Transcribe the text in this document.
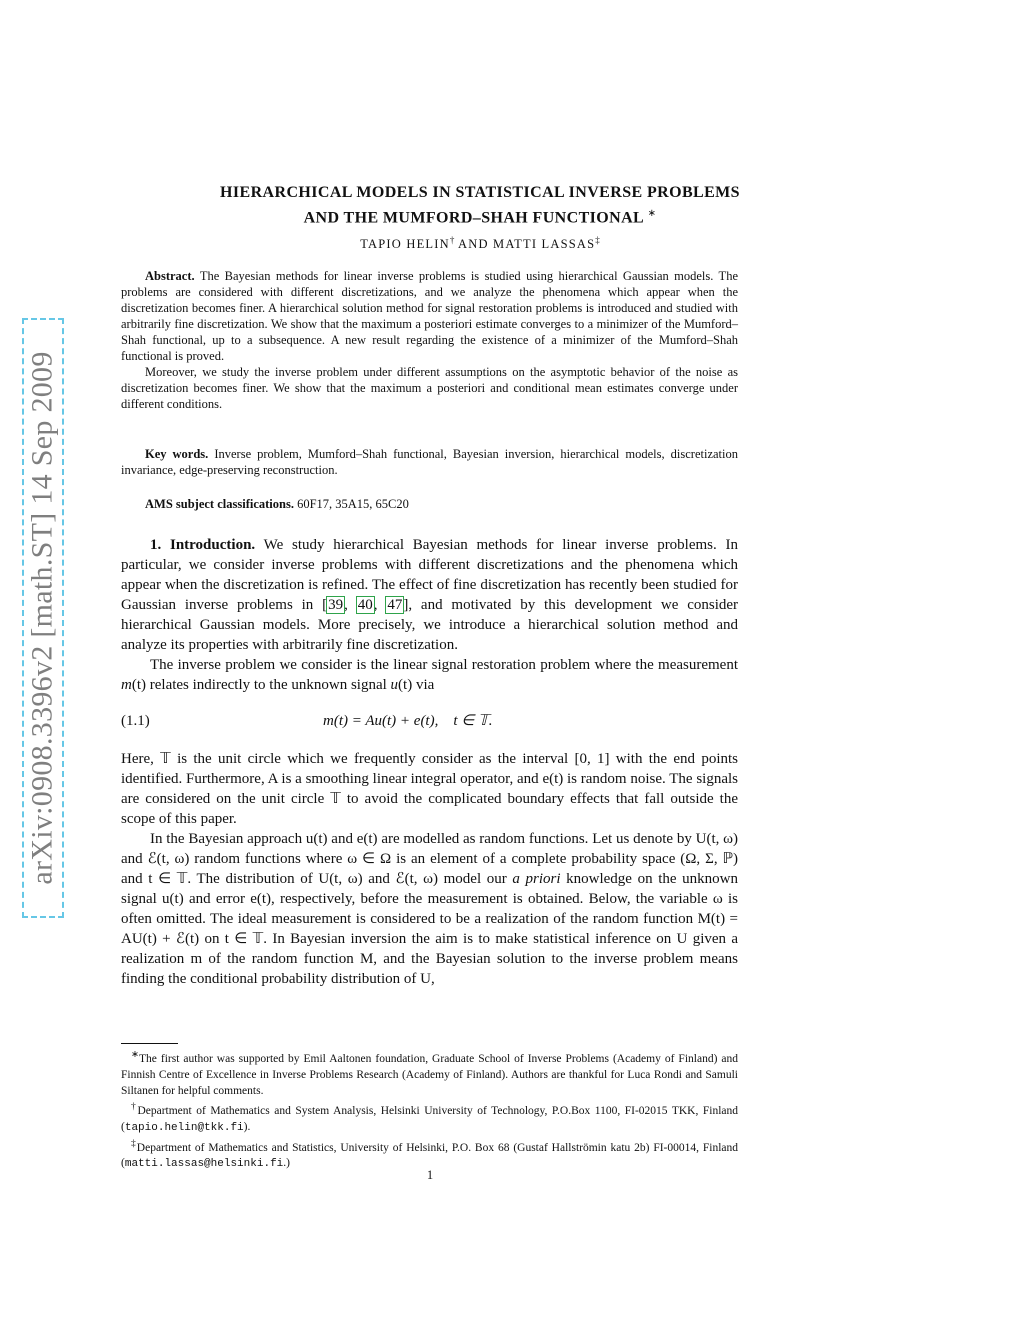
arXiv:0908.3396v2 [math.ST] 14 Sep 2009
HIERARCHICAL MODELS IN STATISTICAL INVERSE PROBLEMS
AND THE MUMFORD–SHAH FUNCTIONAL ∗
TAPIO HELIN† AND MATTI LASSAS‡

Abstract. The Bayesian methods for linear inverse problems is studied using hierarchical Gaussian models. The problems are considered with different discretizations, and we analyze the phenomena which appear when the discretization becomes finer. A hierarchical solution method for signal restoration problems is introduced and studied with arbitrarily fine discretization. We show that the maximum a posteriori estimate converges to a minimizer of the Mumford–Shah functional, up to a subsequence. A new result regarding the existence of a minimizer of the Mumford–Shah functional is proved.

Moreover, we study the inverse problem under different assumptions on the asymptotic behavior of the noise as discretization becomes finer. We show that the maximum a posteriori and conditional mean estimates converge under different conditions.

Key words. Inverse problem, Mumford–Shah functional, Bayesian inversion, hierarchical models, discretization invariance, edge-preserving reconstruction.
AMS subject classifications. 60F17, 35A15, 65C20

1. Introduction. We study hierarchical Bayesian methods for linear inverse problems. In particular, we consider inverse problems with different discretizations and the phenomena which appear when the discretization is refined. The effect of fine discretization has recently been studied for Gaussian inverse problems in [39, 40, 47], and motivated by this development we consider hierarchical Gaussian models. More precisely, we introduce a hierarchical solution method and analyze its properties with arbitrarily fine discretization.

The inverse problem we consider is the linear signal restoration problem where the measurement m(t) relates indirectly to the unknown signal u(t) via

(1.1)	m(t) = Au(t) + e(t),    t ∈ 𝕋.

Here, 𝕋 is the unit circle which we frequently consider as the interval [0, 1] with the end points identified. Furthermore, A is a smoothing linear integral operator, and e(t) is random noise. The signals are considered on the unit circle 𝕋 to avoid the complicated boundary effects that fall outside the scope of this paper.

In the Bayesian approach u(t) and e(t) are modelled as random functions. Let us denote by U(t, ω) and ℰ(t, ω) random functions where ω ∈ Ω is an element of a complete probability space (Ω, Σ, ℙ) and t ∈ 𝕋. The distribution of U(t, ω) and ℰ(t, ω) model our a priori knowledge on the unknown signal u(t) and error e(t), respectively, before the measurement is obtained. Below, the variable ω is often omitted. The ideal measurement is considered to be a realization of the random function M(t) = AU(t) + ℰ(t) on t ∈ 𝕋. In Bayesian inversion the aim is to make statistical inference on U given a realization m of the random function M, and the Bayesian solution to the inverse problem means finding the conditional probability distribution of U,

∗The first author was supported by Emil Aaltonen foundation, Graduate School of Inverse Problems (Academy of Finland) and Finnish Centre of Excellence in Inverse Problems Research (Academy of Finland). Authors are thankful for Luca Rondi and Samuli Siltanen for helpful comments.

†Department of Mathematics and System Analysis, Helsinki University of Technology, P.O.Box 1100, FI-02015 TKK, Finland (tapio.helin@tkk.fi).

‡Department of Mathematics and Statistics, University of Helsinki, P.O. Box 68 (Gustaf Hallströmin katu 2b) FI-00014, Finland (matti.lassas@helsinki.fi.)

1
